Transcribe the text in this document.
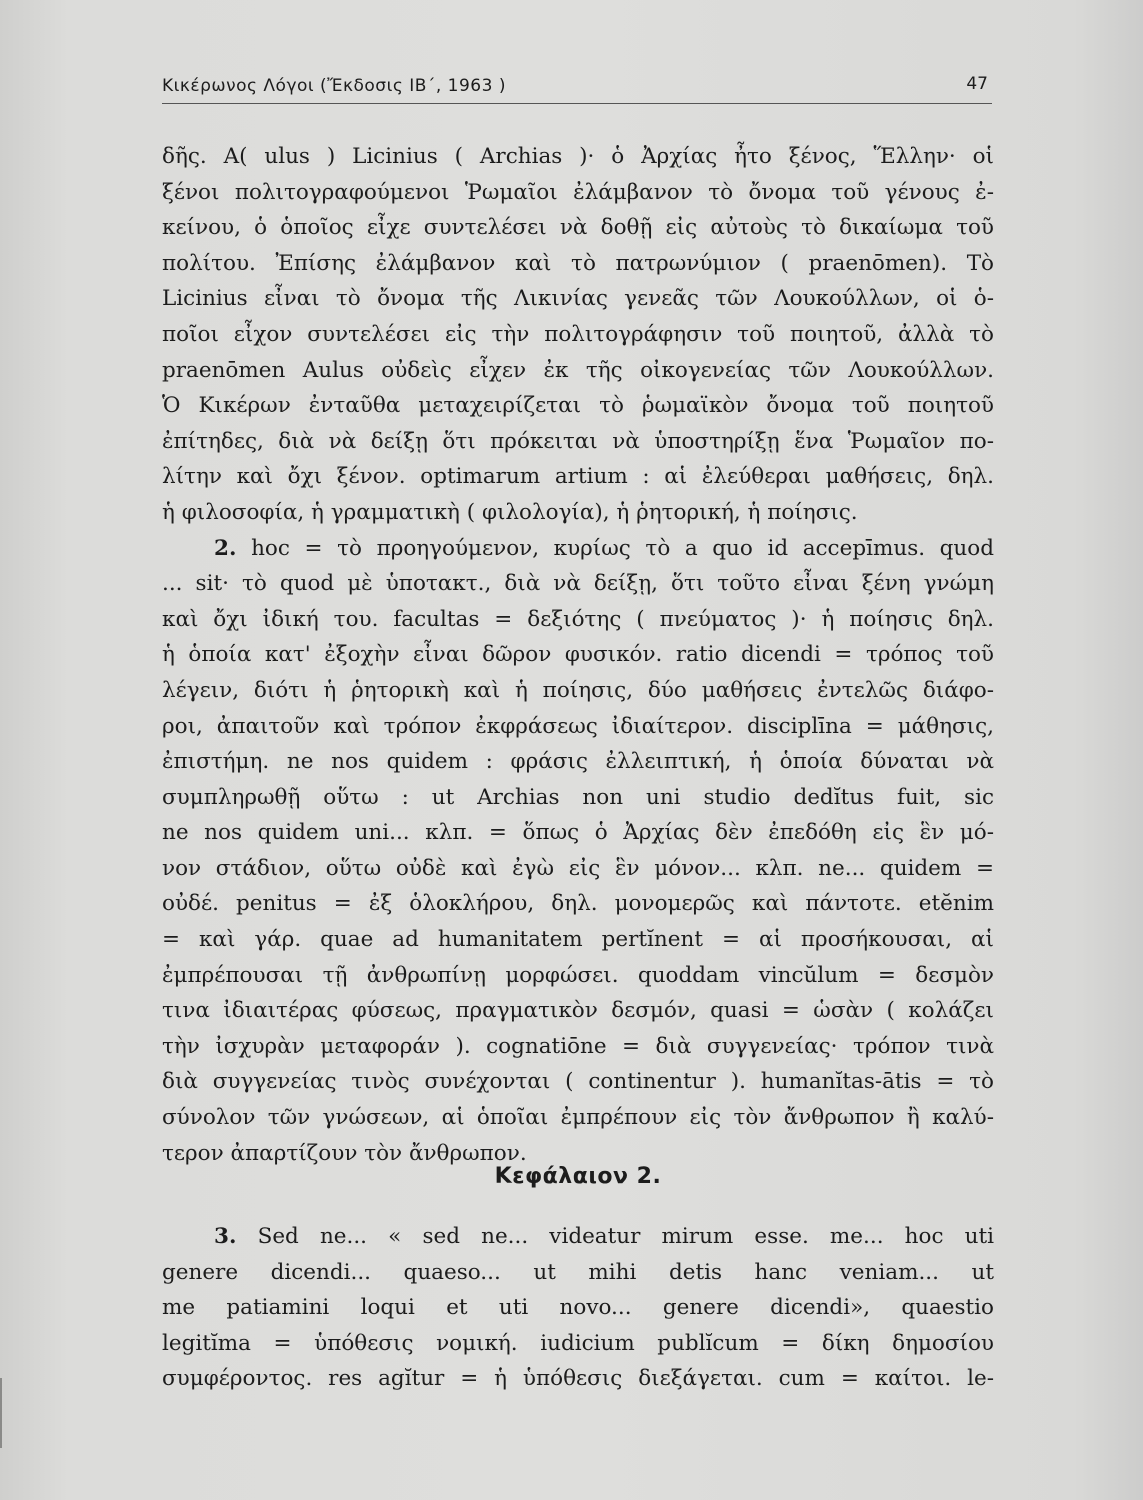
Κικέρωνος Λόγοι (Ἔκδοσις ΙΒ΄, 1963 )	47
δῆς. A( ulus ) Licinius ( Archias )· ὁ Ἀρχίας ἦτο ξένος, Ἕλλην· οἱ
ξένοι πολιτογραφούμενοι Ῥωμαῖοι ἐλάμβανον τὸ ὄνομα τοῦ γένους ἐ-
κείνου, ὁ ὁποῖος εἶχε συντελέσει νὰ δοθῇ εἰς αὐτοὺς τὸ δικαίωμα τοῦ
πολίτου. Ἐπίσης ἐλάμβανον καὶ τὸ πατρωνύμιον ( praenōmen). Τὸ
Licinius εἶναι τὸ ὄνομα τῆς Λικινίας γενεᾶς τῶν Λουκούλλων, οἱ ὁ-
ποῖοι εἶχον συντελέσει εἰς τὴν πολιτογράφησιν τοῦ ποιητοῦ, ἀλλὰ τὸ
praenōmen Aulus οὐδεὶς εἶχεν ἐκ τῆς οἰκογενείας τῶν Λουκούλλων.
Ὁ Κικέρων ἐνταῦθα μεταχειρίζεται τὸ ῥωμαϊκὸν ὄνομα τοῦ ποιητοῦ
ἐπίτηδες, διὰ νὰ δείξῃ ὅτι πρόκειται νὰ ὑποστηρίξῃ ἕνα Ῥωμαῖον πο-
λίτην καὶ ὄχι ξένον. optimarum artium : αἱ ἐλεύθεραι μαθήσεις, δηλ.
ἡ φιλοσοφία, ἡ γραμματικὴ ( φιλολογία), ἡ ῥητορική, ἡ ποίησις.
2. hoc = τὸ προηγούμενον, κυρίως τὸ a quo id accepīmus. quod
... sit· τὸ quod μὲ ὑποτακτ., διὰ νὰ δείξῃ, ὅτι τοῦτο εἶναι ξένη γνώμη
καὶ ὄχι ἰδική του. facultas = δεξιότης ( πνεύματος )· ἡ ποίησις δηλ.
ἡ ὁποία κατ' ἐξοχὴν εἶναι δῶρον φυσικόν. ratio dicendi = τρόπος τοῦ
λέγειν, διότι ἡ ῥητορικὴ καὶ ἡ ποίησις, δύο μαθήσεις ἐντελῶς διάφο-
ροι, ἀπαιτοῦν καὶ τρόπον ἐκφράσεως ἰδιαίτερον. disciplīna = μάθησις,
ἐπιστήμη. ne nos quidem : φράσις ἐλλειπτική, ἡ ὁποία δύναται νὰ
συμπληρωθῇ οὕτω : ut Archias non uni studio dedĭtus fuit, sic
ne nos quidem uni... κλπ. = ὅπως ὁ Ἀρχίας δὲν ἐπεδόθη εἰς ἓν μό-
νον στάδιον, οὕτω οὐδὲ καὶ ἐγὼ εἰς ἓν μόνον... κλπ. ne... quidem =
οὐδέ. penitus = ἐξ ὁλοκλήρου, δηλ. μονομερῶς καὶ πάντοτε. etĕnim
= καὶ γάρ. quae ad humanitatem pertĭnent = αἱ προσήκουσαι, αἱ
ἐμπρέπουσαι τῇ ἀνθρωπίνῃ μορφώσει. quoddam vincŭlum = δεσμὸν
τινα ἰδιαιτέρας φύσεως, πραγματικὸν δεσμόν, quasi = ὡσὰν ( κολάζει
τὴν ἰσχυρὰν μεταφοράν ). cognatiōne = διὰ συγγενείας· τρόπον τινὰ
διὰ συγγενείας τινὸς συνέχονται ( continentur ). humanĭtas-ātis = τὸ
σύνολον τῶν γνώσεων, αἱ ὁποῖαι ἐμπρέπουν εἰς τὸν ἄνθρωπον ἢ καλύ-
τερον ἀπαρτίζουν τὸν ἄνθρωπον.
Κεφάλαιον 2.
3. Sed ne... « sed ne... videatur mirum esse. me... hoc uti
genere dicendi... quaeso... ut mihi detis hanc veniam... ut
me patiamini loqui et uti novo... genere dicendi», quaestio
legitĭma = ὑπόθεσις νομική. iudicium publĭcum = δίκη δημοσίου
συμφέροντος. res agĭtur = ἡ ὑπόθεσις διεξάγεται. cum = καίτοι. le-
